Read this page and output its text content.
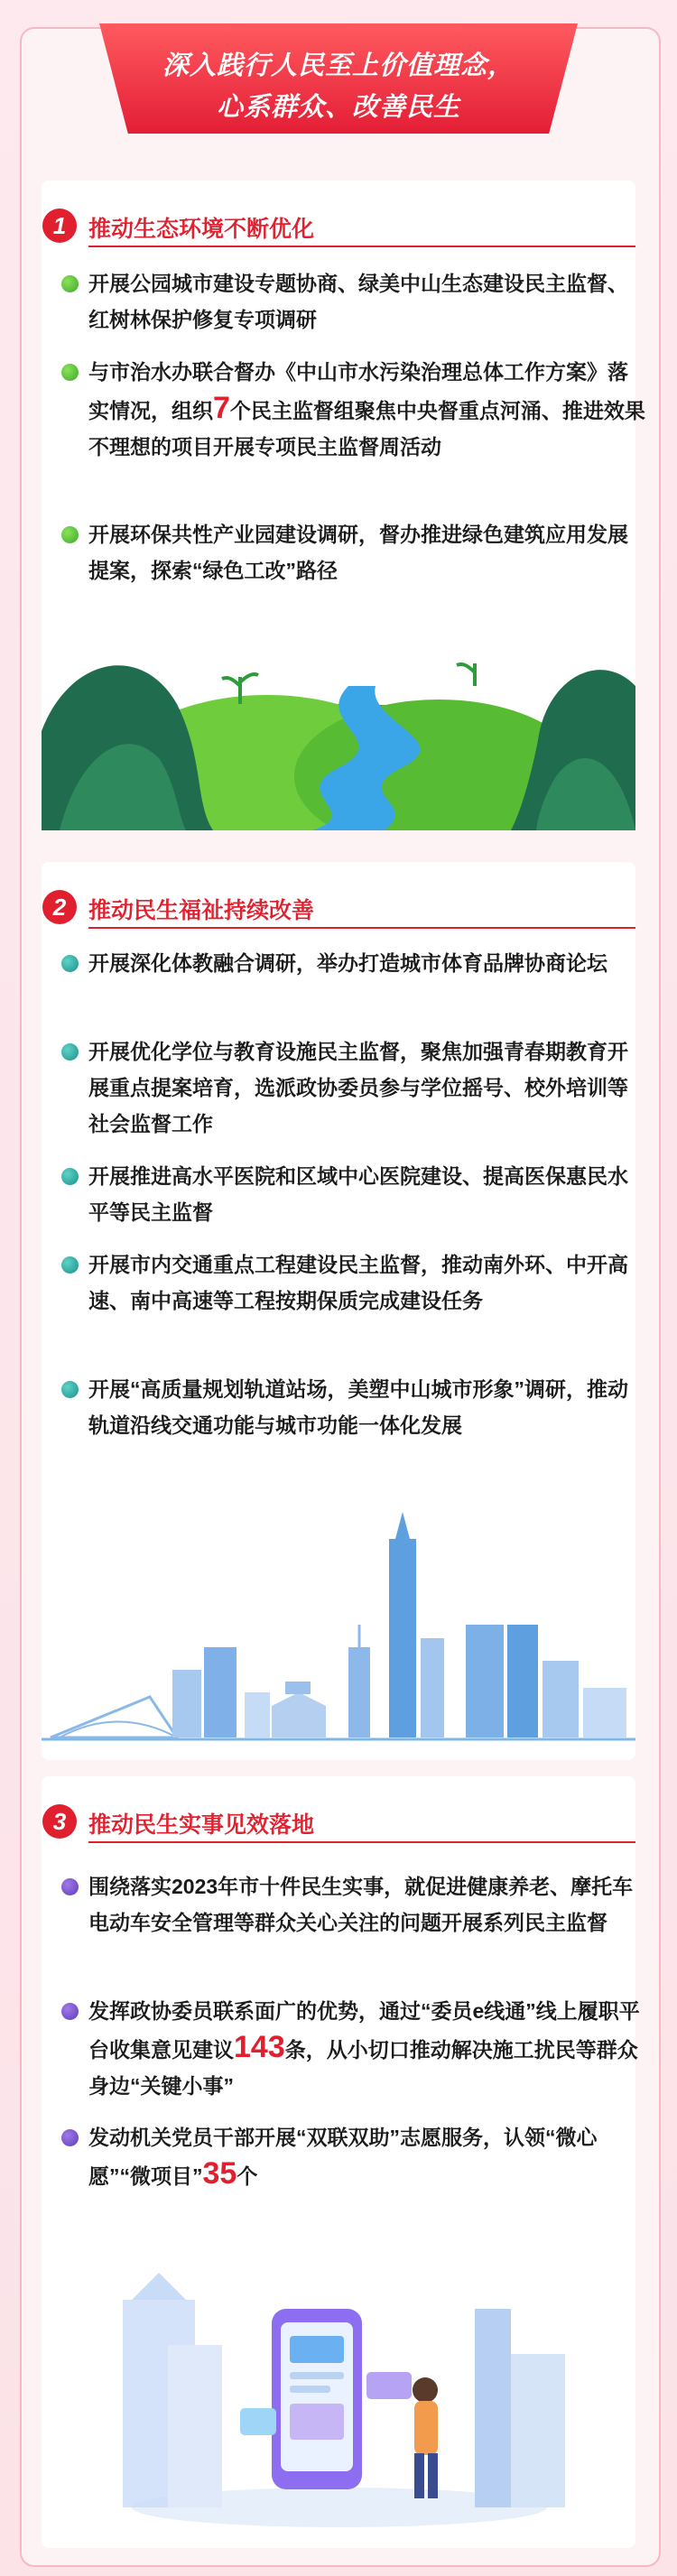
深入践行人民至上价值理念，
心系群众、改善民生
1 推动生态环境不断优化
开展公园城市建设专题协商、绿美中山生态建设民主监督、红树林保护修复专项调研
与市治水办联合督办《中山市水污染治理总体工作方案》落实情况，组织7个民主监督组聚焦中央督重点河涌、推进效果不理想的项目开展专项民主监督周活动
开展环保共性产业园建设调研，督办推进绿色建筑应用发展提案，探索“绿色工改”路径
2 推动民生福祉持续改善
开展深化体教融合调研，举办打造城市体育品牌协商论坛
开展优化学位与教育设施民主监督，聚焦加强青春期教育开展重点提案培育，选派政协委员参与学位摇号、校外培训等社会监督工作
开展推进高水平医院和区域中心医院建设、提高医保惠民水平等民主监督
开展市内交通重点工程建设民主监督，推动南外环、中开高速、南中高速等工程按期保质完成建设任务
开展“高质量规划轨道站场，美塑中山城市形象”调研，推动轨道沿线交通功能与城市功能一体化发展
3 推动民生实事见效落地
围绕落实2023年市十件民生实事，就促进健康养老、摩托车电动车安全管理等群众关心关注的问题开展系列民主监督
发挥政协委员联系面广的优势，通过“委员e线通”线上履职平台收集意见建议143条，从小切口推动解决施工扰民等群众身边“关键小事”
发动机关党员干部开展“双联双助”志愿服务，认领“微心愿”“微项目”35个
